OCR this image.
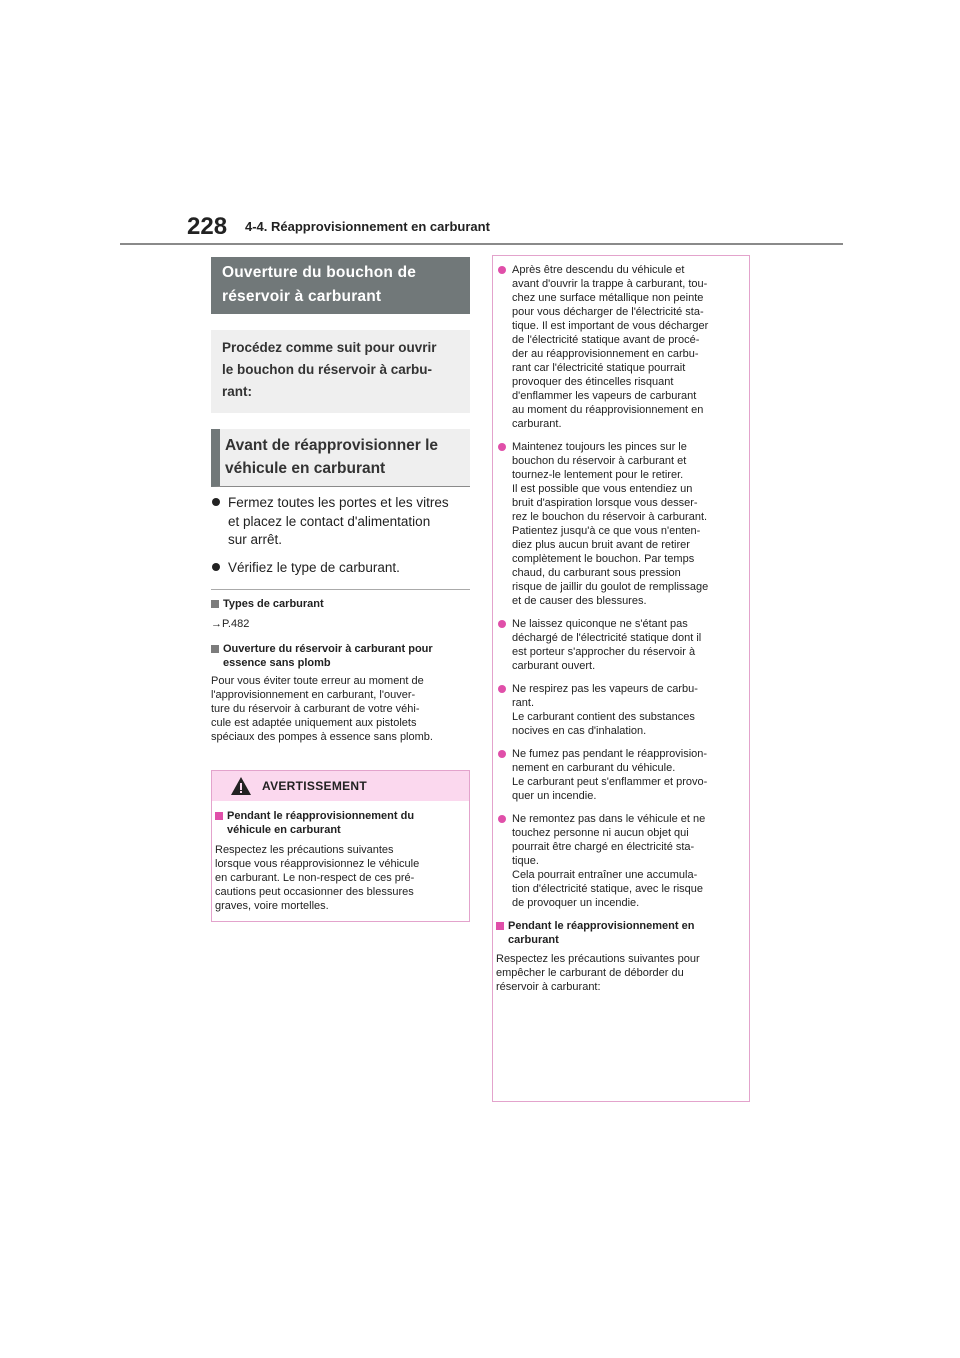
228 4-4. Réapprovisionnement en carburant
Ouverture du bouchon de
réservoir à carburant
Procédez comme suit pour ouvrir
le bouchon du réservoir à carbu-
rant:
Avant de réapprovisionner le
véhicule en carburant
Fermez toutes les portes et les vitres
et placez le contact d'alimentation
sur arrêt.
Vérifiez le type de carburant.
Types de carburant
→P.482
Ouverture du réservoir à carburant pour
essence sans plomb
Pour vous éviter toute erreur au moment de
l'approvisionnement en carburant, l'ouver-
ture du réservoir à carburant de votre véhi-
cule est adaptée uniquement aux pistolets
spéciaux des pompes à essence sans plomb.
AVERTISSEMENT
Pendant le réapprovisionnement du
véhicule en carburant
Respectez les précautions suivantes
lorsque vous réapprovisionnez le véhicule
en carburant. Le non-respect de ces pré-
cautions peut occasionner des blessures
graves, voire mortelles.
Après être descendu du véhicule et
avant d'ouvrir la trappe à carburant, tou-
chez une surface métallique non peinte
pour vous décharger de l'électricité sta-
tique. Il est important de vous décharger
de l'électricité statique avant de procé-
der au réapprovisionnement en carbu-
rant car l'électricité statique pourrait
provoquer des étincelles risquant
d'enflammer les vapeurs de carburant
au moment du réapprovisionnement en
carburant.
Maintenez toujours les pinces sur le
bouchon du réservoir à carburant et
tournez-le lentement pour le retirer.
Il est possible que vous entendiez un
bruit d'aspiration lorsque vous desser-
rez le bouchon du réservoir à carburant.
Patientez jusqu'à ce que vous n'enten-
diez plus aucun bruit avant de retirer
complètement le bouchon. Par temps
chaud, du carburant sous pression
risque de jaillir du goulot de remplissage
et de causer des blessures.
Ne laissez quiconque ne s'étant pas
déchargé de l'électricité statique dont il
est porteur s'approcher du réservoir à
carburant ouvert.
Ne respirez pas les vapeurs de carbu-
rant.
Le carburant contient des substances
nocives en cas d'inhalation.
Ne fumez pas pendant le réapprovision-
nement en carburant du véhicule.
Le carburant peut s'enflammer et provo-
quer un incendie.
Ne remontez pas dans le véhicule et ne
touchez personne ni aucun objet qui
pourrait être chargé en électricité sta-
tique.
Cela pourrait entraîner une accumula-
tion d'électricité statique, avec le risque
de provoquer un incendie.
Pendant le réapprovisionnement en
carburant
Respectez les précautions suivantes pour
empêcher le carburant de déborder du
réservoir à carburant:
